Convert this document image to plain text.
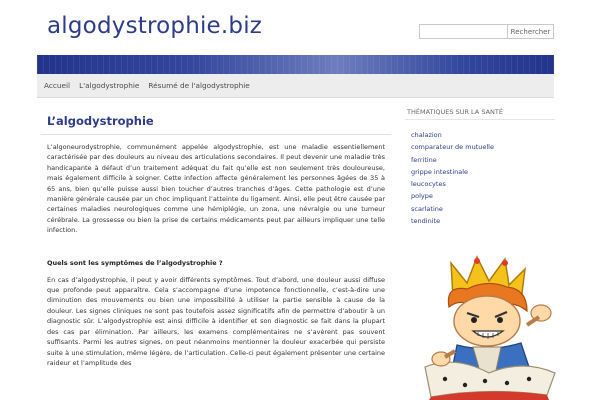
algodystrophie.biz	Rechercher
Accueil L'algodystrophie Résumé de l'algodystrophie
L’algodystrophie

L’algoneurodystrophie, communément appelée algodystrophie, est une maladie essentiellement caractérisée par des douleurs au niveau des articulations secondaires. Il peut devenir une maladie très handicapante à défaut d’un traitement adéquat du fait qu’elle est non seulement très douloureuse, mais également difficile à soigner. Cette infection affecte généralement les personnes âgées de 35 à 65 ans, bien qu’elle puisse aussi bien toucher d’autres tranches d’âges. Cette pathologie est d’une manière générale causée par un choc impliquant l’atteinte du ligament. Ainsi, elle peut être causée par certaines maladies neurologiques comme une hémiplégie, un zona, une névralgie ou une tumeur cérébrale. La grossesse ou bien la prise de certains médicaments peut par ailleurs impliquer une telle infection.

Quels sont les symptômes de l’algodystrophie ?

En cas d’algodystrophie, il peut y avoir différents symptômes. Tout d’abord, une douleur aussi diffuse que profonde peut apparaître. Cela s’accompagne d’une impotence fonctionnelle, c’est-à-dire une diminution des mouvements ou bien une impossibilité à utiliser la partie sensible à cause de la douleur. Les signes cliniques ne sont pas toutefois assez significatifs afin de permettre d’aboutir à un diagnostic sûr. L’algodystrophie est ainsi difficile à identifier et son diagnostic se fait dans la plupart des cas par élimination. Par ailleurs, les examens complémentaires ne s’avèrent pas souvent suffisants. Parmi les autres signes, on peut néanmoins mentionner la douleur exacerbée qui persiste suite à une stimulation, même légère, de l’articulation. Celle-ci peut également présenter une certaine raideur et l’amplitude des

THÉMATIQUES SUR LA SANTÉ
chalazion
comparateur de mutuelle
ferritine
grippe intestinale
leucocytes
polype
scarlatine
tendinite
